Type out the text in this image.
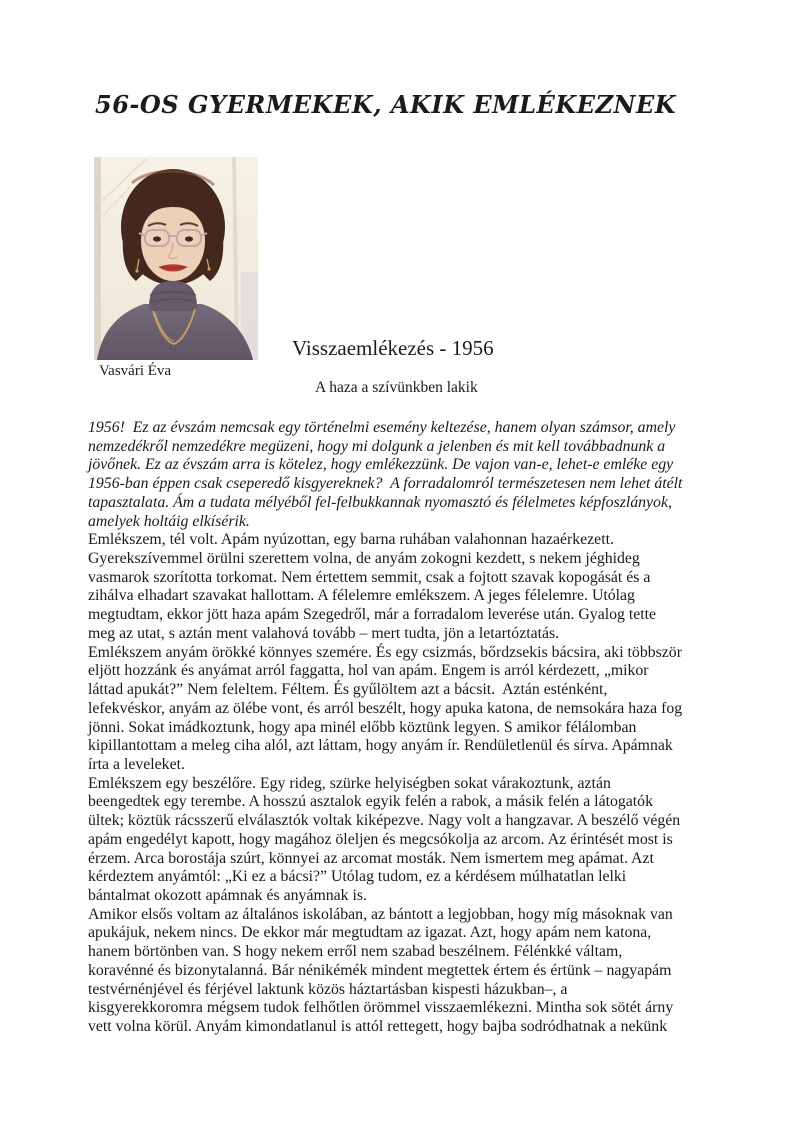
56-OS GYERMEKEK, AKIK EMLÉKEZNEK
Vasvári Éva
Visszaemlékezés - 1956
A haza a szívünkben lakik
1956!  Ez az évszám nemcsak egy történelmi esemény keltezése, hanem olyan számsor, amely
nemzedékről nemzedékre megüzeni, hogy mi dolgunk a jelenben és mit kell továbbadnunk a
jövőnek. Ez az évszám arra is kötelez, hogy emlékezzünk. De vajon van-e, lehet-e emléke egy
1956-ban éppen csak cseperedő kisgyereknek?  A forradalomról természetesen nem lehet átélt
tapasztalata. Ám a tudata mélyéből fel-felbukkannak nyomasztó és félelmetes képfoszlányok,
amelyek holtáig elkísérik.
Emlékszem, tél volt. Apám nyúzottan, egy barna ruhában valahonnan hazaérkezett.
Gyerekszívemmel örülni szerettem volna, de anyám zokogni kezdett, s nekem jéghideg
vasmarok szorította torkomat. Nem értettem semmit, csak a fojtott szavak kopogását és a
zihálva elhadart szavakat hallottam. A félelemre emlékszem. A jeges félelemre. Utólag
megtudtam, ekkor jött haza apám Szegedről, már a forradalom leverése után. Gyalog tette
meg az utat, s aztán ment valahová tovább – mert tudta, jön a letartóztatás.
Emlékszem anyám örökké könnyes szemére. És egy csizmás, bőrdzsekis bácsira, aki többször
eljött hozzánk és anyámat arról faggatta, hol van apám. Engem is arról kérdezett, „mikor
láttad apukát?” Nem feleltem. Féltem. És gyűlöltem azt a bácsit.  Aztán esténként,
lefekvéskor, anyám az ölébe vont, és arról beszélt, hogy apuka katona, de nemsokára haza fog
jönni. Sokat imádkoztunk, hogy apa minél előbb köztünk legyen. S amikor félálomban
kipillantottam a meleg ciha alól, azt láttam, hogy anyám ír. Rendületlenül és sírva. Apámnak
írta a leveleket.
Emlékszem egy beszélőre. Egy rideg, szürke helyiségben sokat várakoztunk, aztán
beengedtek egy terembe. A hosszú asztalok egyik felén a rabok, a másik felén a látogatók
ültek; köztük rácsszerű elválasztók voltak kiképezve. Nagy volt a hangzavar. A beszélő végén
apám engedélyt kapott, hogy magához öleljen és megcsókolja az arcom. Az érintését most is
érzem. Arca borostája szúrt, könnyei az arcomat mosták. Nem ismertem meg apámat. Azt
kérdeztem anyámtól: „Ki ez a bácsi?” Utólag tudom, ez a kérdésem múlhatatlan lelki
bántalmat okozott apámnak és anyámnak is.
Amikor elsős voltam az általános iskolában, az bántott a legjobban, hogy míg másoknak van
apukájuk, nekem nincs. De ekkor már megtudtam az igazat. Azt, hogy apám nem katona,
hanem börtönben van. S hogy nekem erről nem szabad beszélnem. Félénkké váltam,
koravénné és bizonytalanná. Bár nénikémék mindent megtettek értem és értünk – nagyapám
testvérnénjével és férjével laktunk közös háztartásban kispesti házukban–, a
kisgyerekkoromra mégsem tudok felhőtlen örömmel visszaemlékezni. Mintha sok sötét árny
vett volna körül. Anyám kimondatlanul is attól rettegett, hogy bajba sodródhatnak a nekünk
